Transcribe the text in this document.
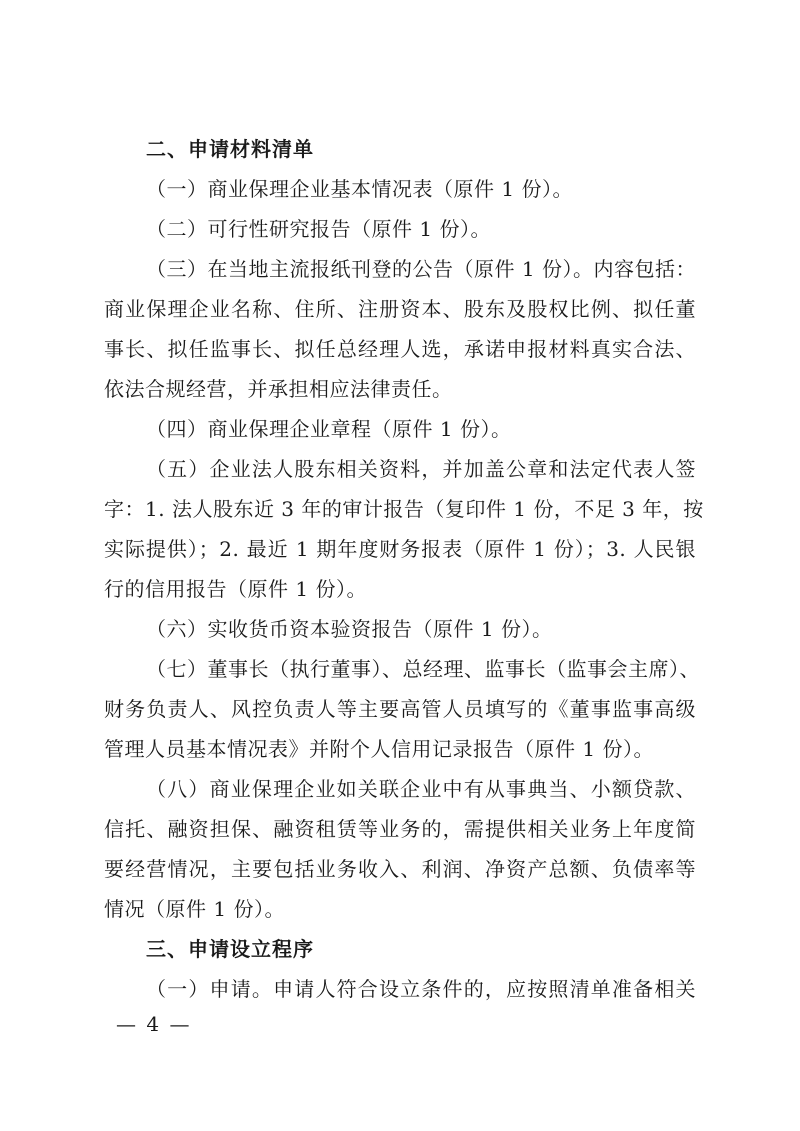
二、申请材料清单
（一）商业保理企业基本情况表（原件 1 份）。
（二）可行性研究报告（原件 1 份）。
（三）在当地主流报纸刊登的公告（原件 1 份）。内容包括：
商业保理企业名称、住所、注册资本、股东及股权比例、拟任董
事长、拟任监事长、拟任总经理人选，承诺申报材料真实合法、
依法合规经营，并承担相应法律责任。
（四）商业保理企业章程（原件 1 份）。
（五）企业法人股东相关资料，并加盖公章和法定代表人签
字：1. 法人股东近 3 年的审计报告（复印件 1 份，不足 3 年，按
实际提供）；2. 最近 1 期年度财务报表（原件 1 份）；3. 人民银
行的信用报告（原件 1 份）。
（六）实收货币资本验资报告（原件 1 份）。
（七）董事长（执行董事）、总经理、监事长（监事会主席）、
财务负责人、风控负责人等主要高管人员填写的《董事监事高级
管理人员基本情况表》并附个人信用记录报告（原件 1 份）。
（八）商业保理企业如关联企业中有从事典当、小额贷款、
信托、融资担保、融资租赁等业务的，需提供相关业务上年度简
要经营情况，主要包括业务收入、利润、净资产总额、负债率等
情况（原件 1 份）。
三、申请设立程序
（一）申请。申请人符合设立条件的，应按照清单准备相关
— 4 —
